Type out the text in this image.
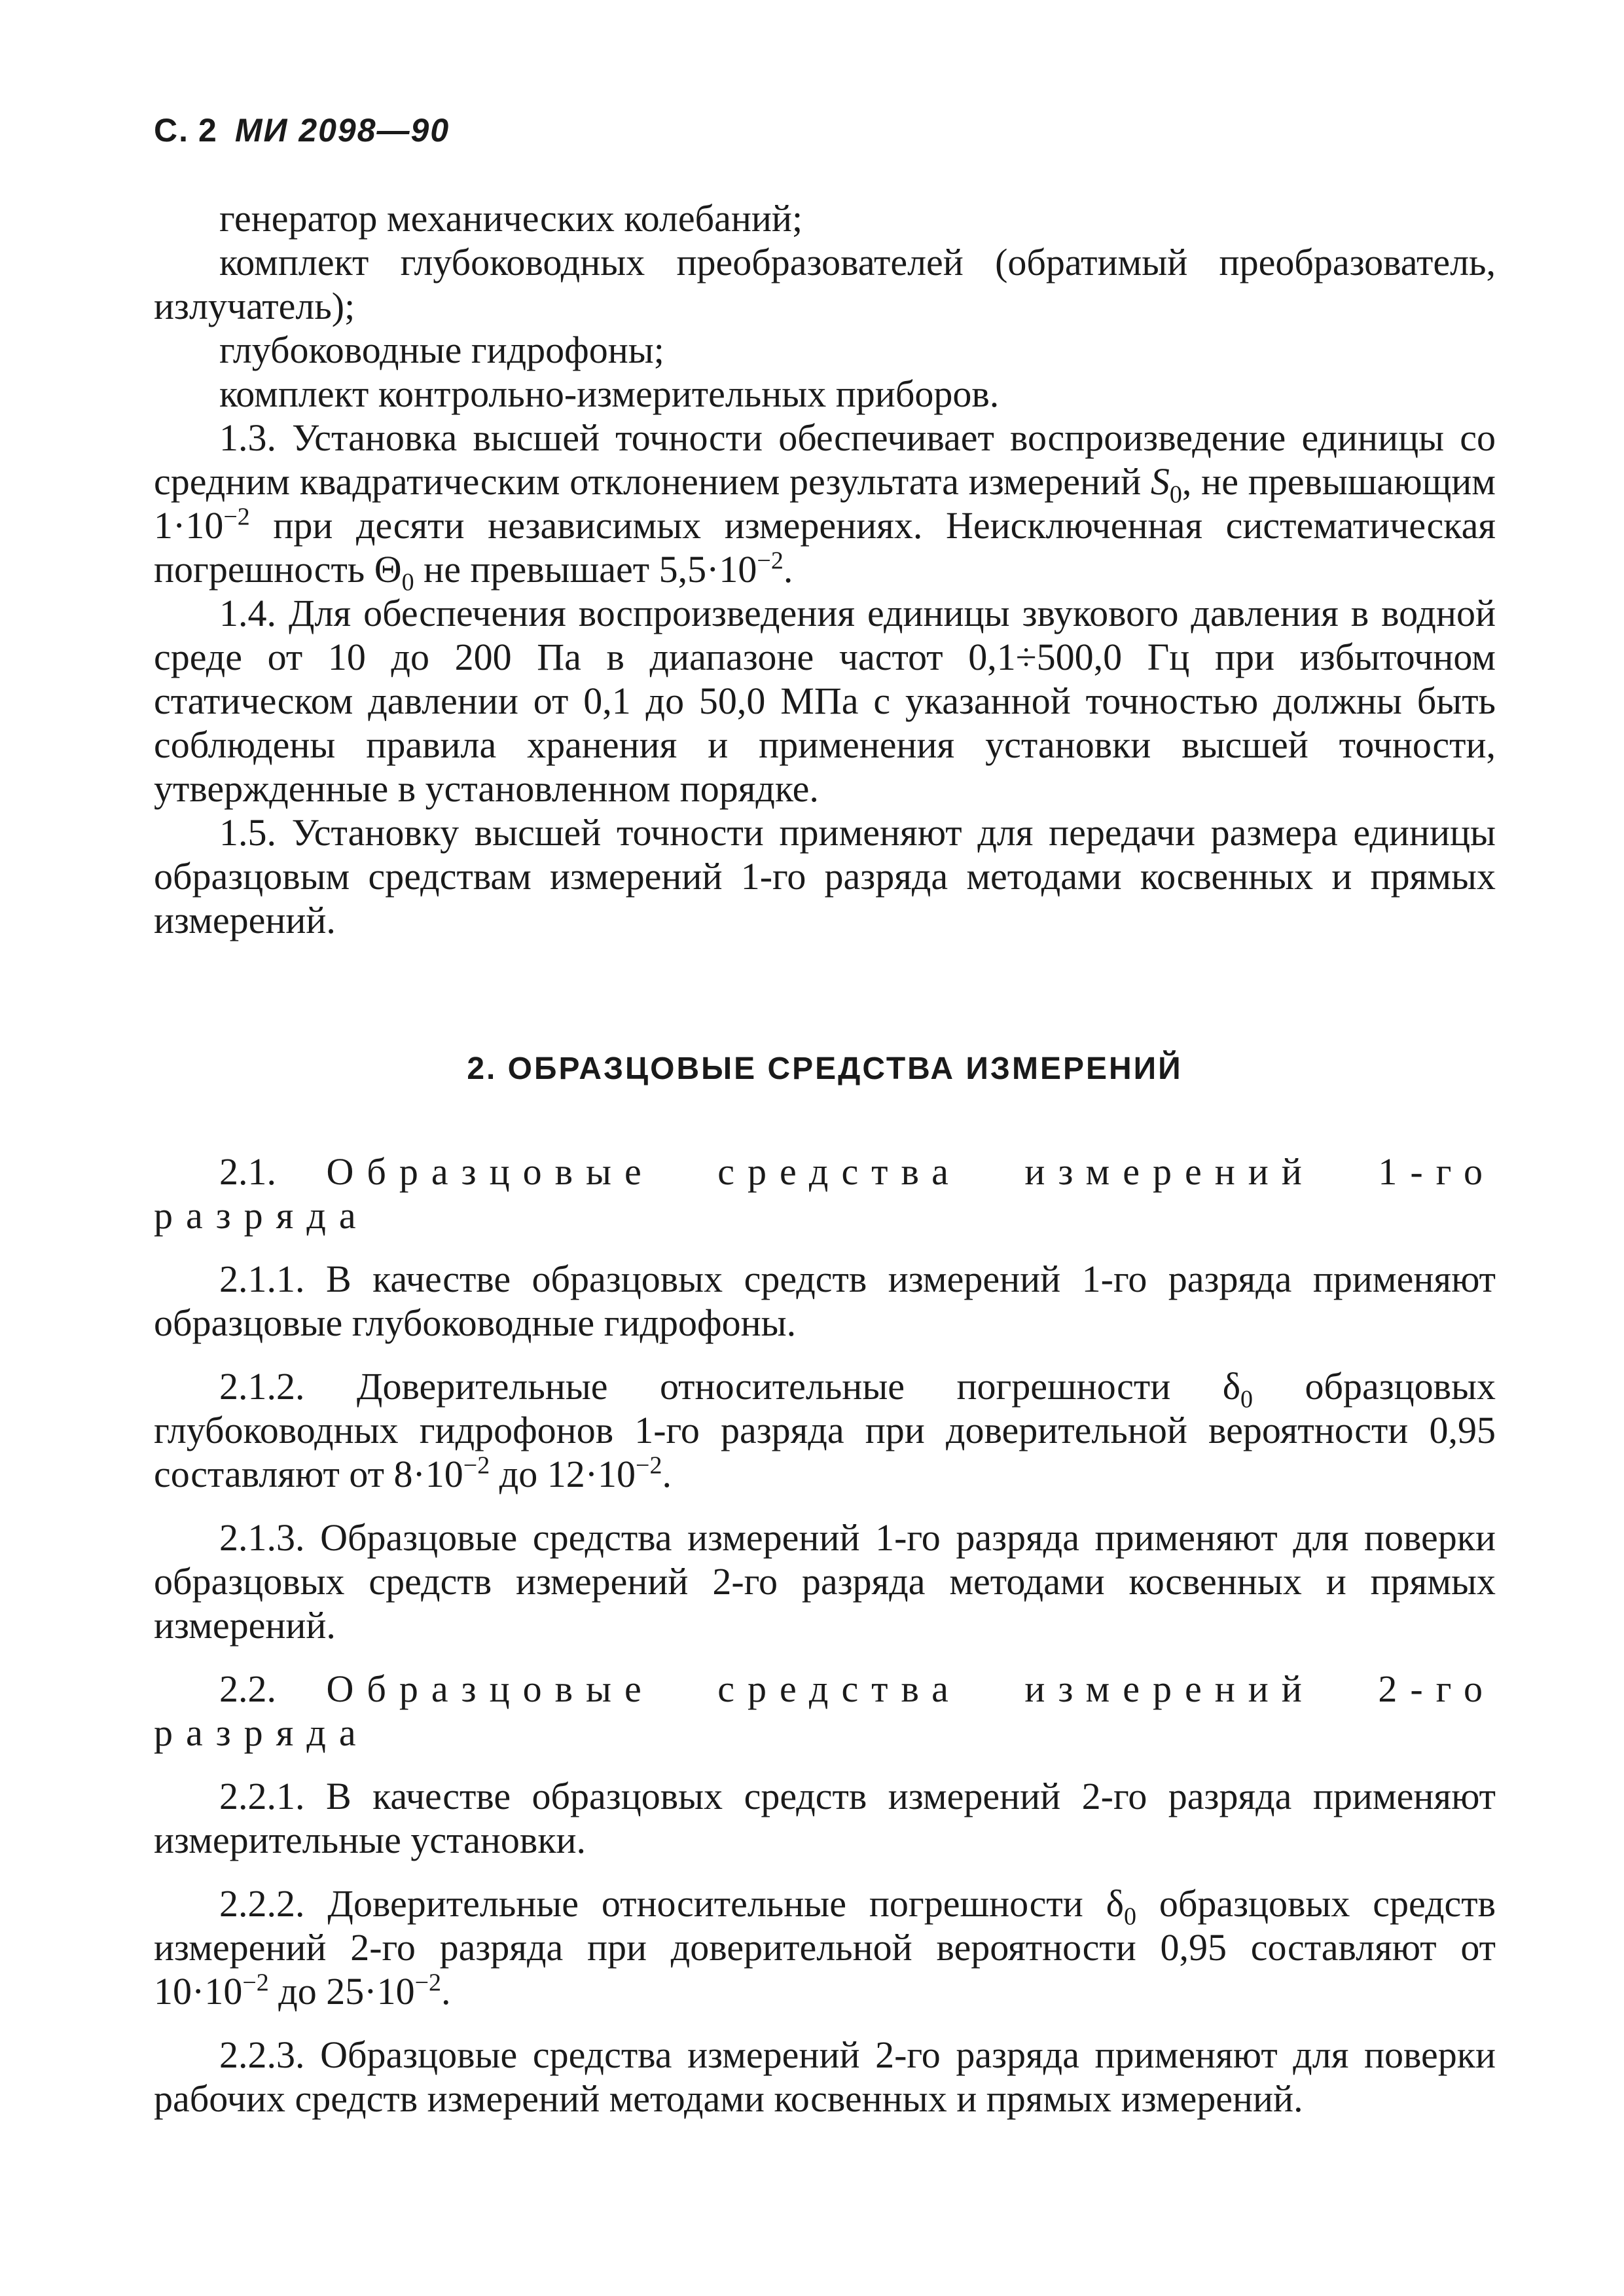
С. 2 МИ 2098—90

генератор механических колебаний;

комплект глубоководных преобразователей (обратимый преобразователь, излучатель);

глубоководные гидрофоны;

комплект контрольно-измерительных приборов.

1.3. Установка высшей точности обеспечивает воспроизведение единицы со средним квадратическим отклонением результата измерений $S_0$, не превышающим $1\cdot 10^{-2}$ при десяти независимых измерениях. Неисключенная систематическая погрешность $\Theta_0$ не превышает $5,5\cdot 10^{-2}$.

1.4. Для обеспечения воспроизведения единицы звукового давления в водной среде от 10 до 200 Па в диапазоне частот 0,1÷500,0 Гц при избыточном статическом давлении от 0,1 до 50,0 МПа с указанной точностью должны быть соблюдены правила хранения и применения установки высшей точности, утвержденные в установленном порядке.

1.5. Установку высшей точности применяют для передачи размера единицы образцовым средствам измерений 1-го разряда методами косвенных и прямых измерений.

2. ОБРАЗЦОВЫЕ СРЕДСТВА ИЗМЕРЕНИЙ

2.1. Образцовые средства измерений 1-го разряда

2.1.1. В качестве образцовых средств измерений 1-го разряда применяют образцовые глубоководные гидрофоны.

2.1.2. Доверительные относительные погрешности $\delta_0$ образцовых глубоководных гидрофонов 1-го разряда при доверительной вероятности 0,95 составляют от $8\cdot 10^{-2}$ до $12\cdot 10^{-2}$.

2.1.3. Образцовые средства измерений 1-го разряда применяют для поверки образцовых средств измерений 2-го разряда методами косвенных и прямых измерений.

2.2. Образцовые средства измерений 2-го разряда

2.2.1. В качестве образцовых средств измерений 2-го разряда применяют измерительные установки.

2.2.2. Доверительные относительные погрешности $\delta_0$ образцовых средств измерений 2-го разряда при доверительной вероятности 0,95 составляют от $10\cdot 10^{-2}$ до $25\cdot 10^{-2}$.

2.2.3. Образцовые средства измерений 2-го разряда применяют для поверки рабочих средств измерений методами косвенных и прямых измерений.
